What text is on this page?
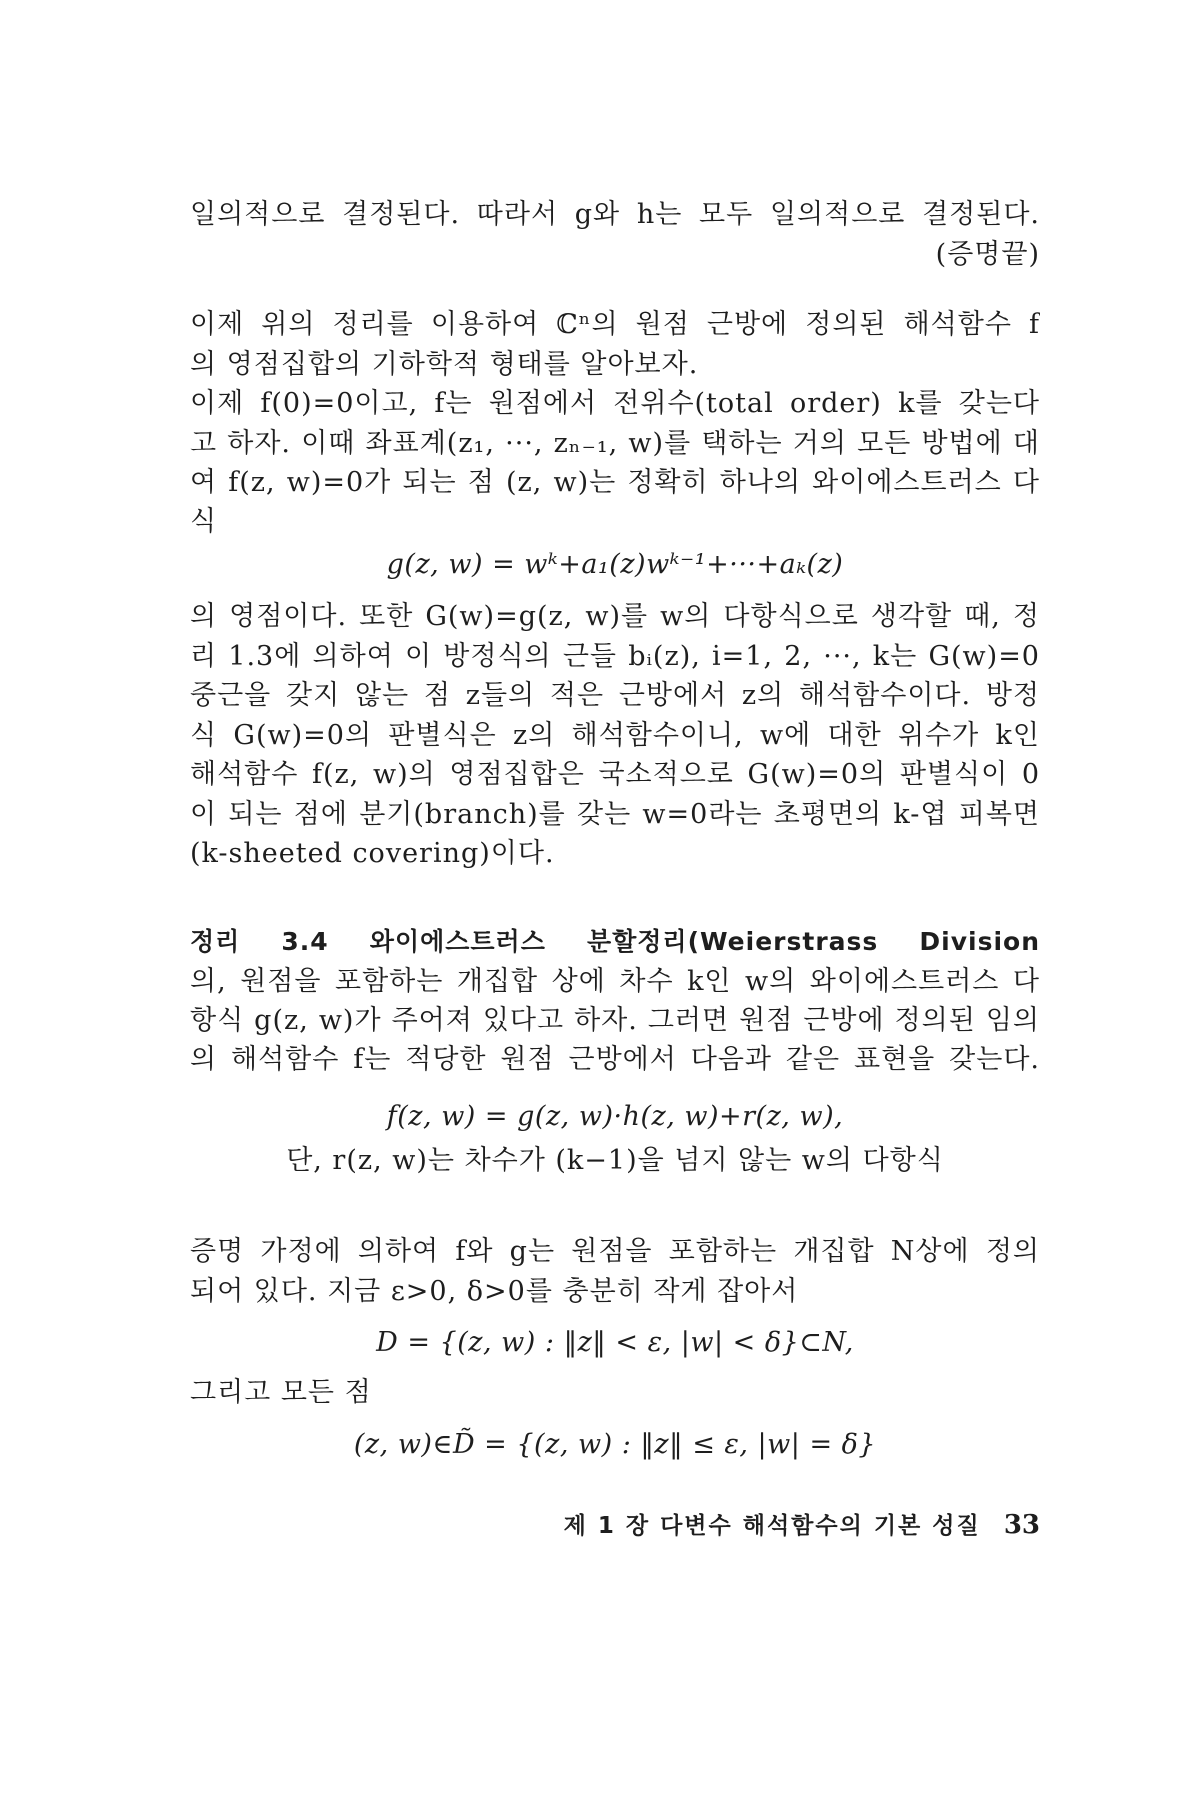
일의적으로 결정된다. 따라서 g와 h는 모두 일의적으로 결정된다.
(증명끝)
이제 위의 정리를 이용하여 ℂⁿ의 원점 근방에 정의된 해석함수 f
의 영점집합의 기하학적 형태를 알아보자.
이제 f(0)=0이고, f는 원점에서 전위수(total order) k를 갖는다
고 하자. 이때 좌표계(z₁, ···, zₙ₋₁, w)를 택하는 거의 모든 방법에 대
여 f(z, w)=0가 되는 점 (z, w)는 정확히 하나의 와이에스트러스 다
식
g(z, w) = wᵏ+a₁(z)wᵏ⁻¹+···+aₖ(z)
의 영점이다. 또한 G(w)=g(z, w)를 w의 다항식으로 생각할 때, 정
리 1.3에 의하여 이 방정식의 근들 bᵢ(z), i=1, 2, ···, k는 G(w)=0
중근을 갖지 않는 점 z들의 적은 근방에서 z의 해석함수이다. 방정
식 G(w)=0의 판별식은 z의 해석함수이니, w에 대한 위수가 k인
해석함수 f(z, w)의 영점집합은 국소적으로 G(w)=0의 판별식이 0
이 되는 점에 분기(branch)를 갖는 w=0라는 초평면의 k-엽 피복면
(k-sheeted covering)이다.
정리 3.4 와이에스트러스 분할정리(Weierstrass Division
의, 원점을 포함하는 개집합 상에 차수 k인 w의 와이에스트러스 다
항식 g(z, w)가 주어져 있다고 하자. 그러면 원점 근방에 정의된 임의
의 해석함수 f는 적당한 원점 근방에서 다음과 같은 표현을 갖는다.
f(z, w) = g(z, w)·h(z, w)+r(z, w),
단, r(z, w)는 차수가 (k−1)을 넘지 않는 w의 다항식
증명 가정에 의하여 f와 g는 원점을 포함하는 개집합 N상에 정의
되어 있다. 지금 ε>0, δ>0를 충분히 작게 잡아서
D = {(z, w) : ‖z‖ < ε, |w| < δ}⊂N,
그리고 모든 점
(z, w)∈D̃ = {(z, w) : ‖z‖ ≤ ε, |w| = δ}
제 1 장 다변수 해석함수의 기본 성질 33
